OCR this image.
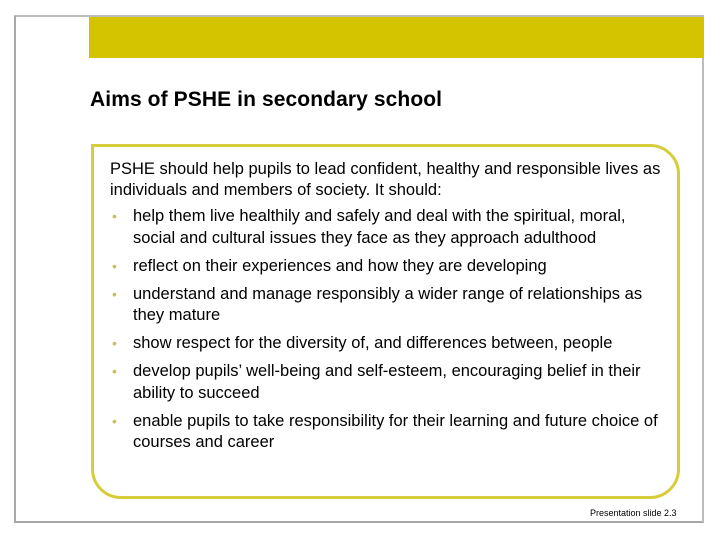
Aims of PSHE in secondary school
PSHE should help pupils to lead confident, healthy and responsible lives as individuals and members of society. It should:
• help them live healthily and safely and deal with the spiritual, moral, social and cultural issues they face as they approach adulthood
• reflect on their experiences and how they are developing
• understand and manage responsibly a wider range of relationships as they mature
• show respect for the diversity of, and differences between, people
• develop pupils’ well-being and self-esteem, encouraging belief in their ability to succeed
• enable pupils to take responsibility for their learning and future choice of courses and career
Presentation slide 2.3
